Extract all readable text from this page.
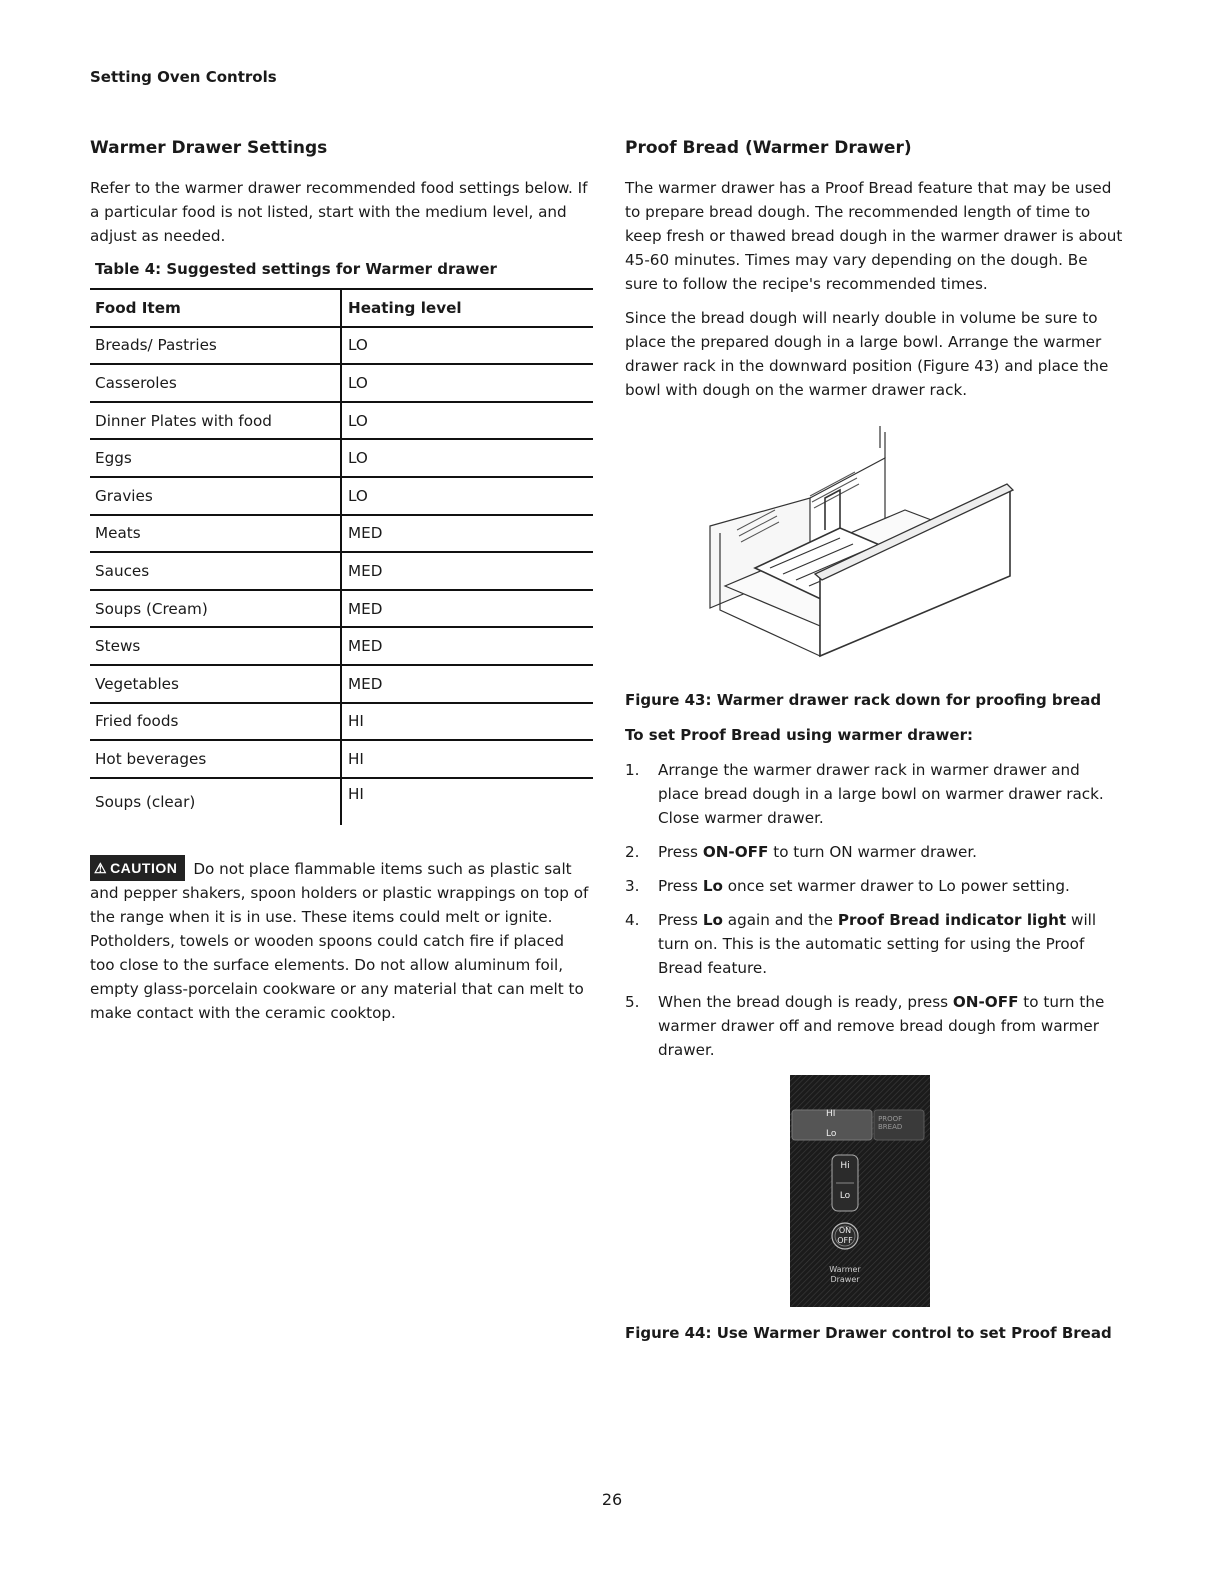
Setting Oven Controls
Warmer Drawer Settings

Refer to the warmer drawer recommended food settings below. If a particular food is not listed, start with the medium level, and adjust as needed.

Table 4: Suggested settings for Warmer drawer
Food Item	Heating level
Breads/ Pastries	LO
Casseroles	LO
Dinner Plates with food	LO
Eggs	LO
Gravies	LO
Meats	MED
Sauces	MED
Soups (Cream)	MED
Stews	MED
Vegetables	MED
Fried foods	HI
Hot beverages	HI
Soups (clear)	HI

⚠ CAUTION Do not place flammable items such as plastic salt and pepper shakers, spoon holders or plastic wrappings on top of the range when it is in use. These items could melt or ignite. Potholders, towels or wooden spoons could catch fire if placed too close to the surface elements. Do not allow aluminum foil, empty glass-porcelain cookware or any material that can melt to make contact with the ceramic cooktop.

Proof Bread (Warmer Drawer)

The warmer drawer has a Proof Bread feature that may be used to prepare bread dough. The recommended length of time to keep fresh or thawed bread dough in the warmer drawer is about 45-60 minutes. Times may vary depending on the dough. Be sure to follow the recipe's recommended times.

Since the bread dough will nearly double in volume be sure to place the prepared dough in a large bowl. Arrange the warmer drawer rack in the downward position (Figure 43) and place the bowl with dough on the warmer drawer rack.

Figure 43: Warmer drawer rack down for proofing bread

To set Proof Bread using warmer drawer:
1. Arrange the warmer drawer rack in warmer drawer and place bread dough in a large bowl on warmer drawer rack. Close warmer drawer.
2. Press ON-OFF to turn ON warmer drawer.
3. Press Lo once set warmer drawer to Lo power setting.
4. Press Lo again and the Proof Bread indicator light will turn on. This is the automatic setting for using the Proof Bread feature.
5. When the bread dough is ready, press ON-OFF to turn the warmer drawer off and remove bread dough from warmer drawer.
HI
Lo
PROOF
BREAD
Hi
Lo
ON
OFF
Warmer
Drawer
Figure 44: Use Warmer Drawer control to set Proof Bread
26
